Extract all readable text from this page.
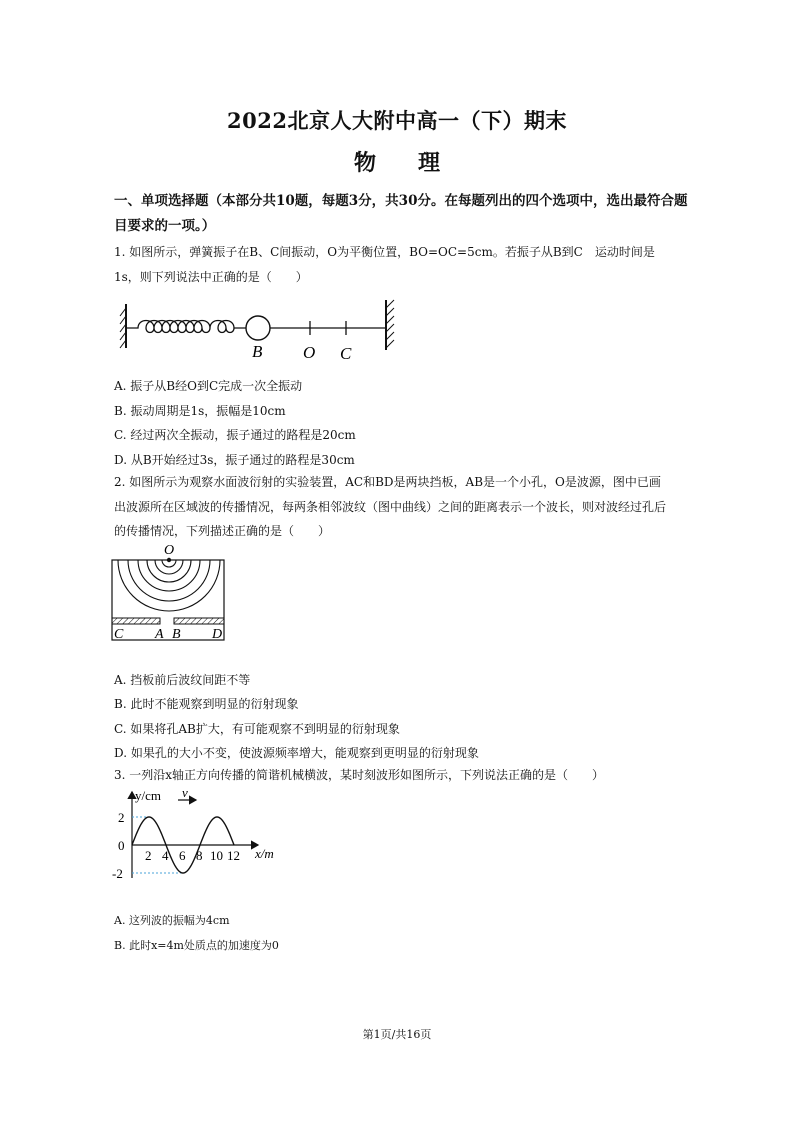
2022北京人大附中高一（下）期末
物 理
一、单项选择题（本部分共10题，每题3分，共30分。在每题列出的四个选项中，选出最符合题目要求的一项。）
1. 如图所示，弹簧振子在B、C间振动，O为平衡位置，BO=OC=5cm。若振子从B到C　运动时间是
1s，则下列说法中正确的是（　　）
B O C
A. 振子从B经O到C完成一次全振动
B. 振动周期是1s，振幅是10cm
C. 经过两次全振动，振子通过的路程是20cm
D. 从B开始经过3s，振子通过的路程是30cm
2. 如图所示为观察水面波衍射的实验装置，AC和BD是两块挡板，AB是一个小孔，O是波源，图中已画
出波源所在区域波的传播情况，每两条相邻波纹（图中曲线）之间的距离表示一个波长，则对波经过孔后
的传播情况，下列描述正确的是（　　）
O
C A B D
A. 挡板前后波纹间距不等
B. 此时不能观察到明显的衍射现象
C. 如果将孔AB扩大，有可能观察不到明显的衍射现象
D. 如果孔的大小不变，使波源频率增大，能观察到更明显的衍射现象
3. 一列沿x轴正方向传播的简谐机械横波，某时刻波形如图所示，下列说法正确的是（　　）
v
y/cm
x/m
2
0
-2
2 4 6 8 10 12
A. 这列波的振幅为4cm
B. 此时x=4m处质点的加速度为0
第1页/共16页
